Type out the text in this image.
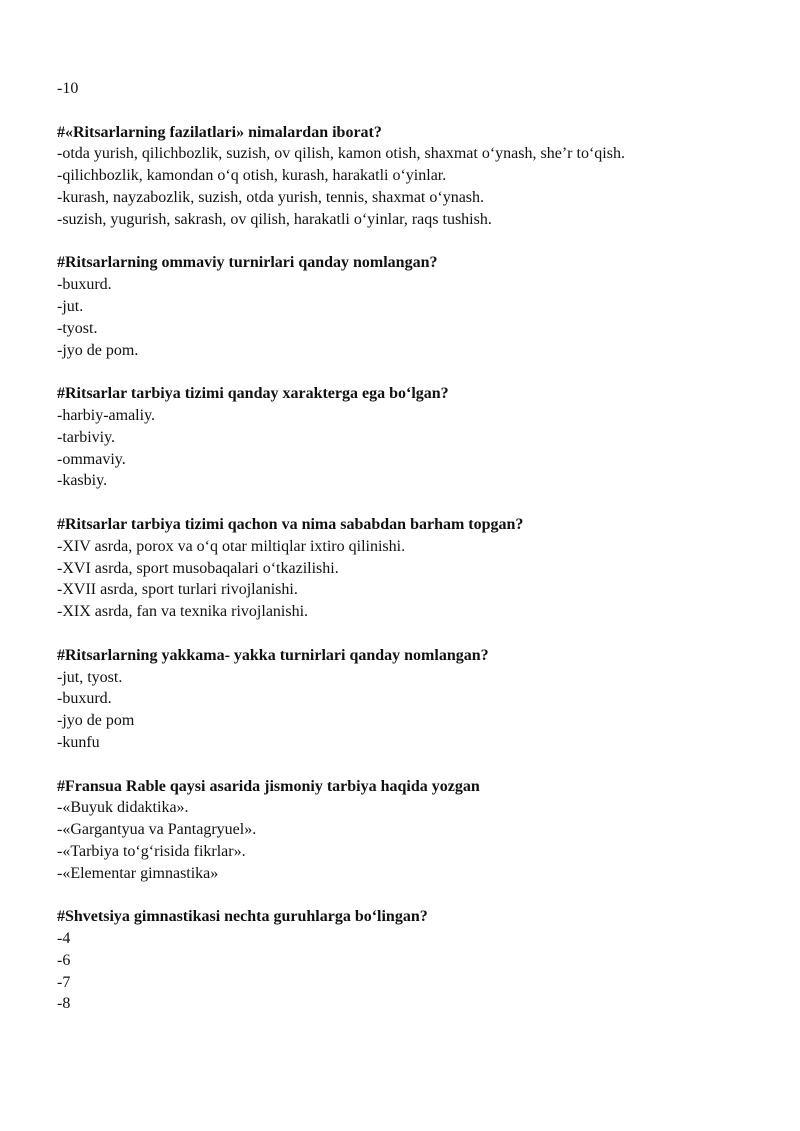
-10
#«Ritsarlarning fazilatlari» nimalardan iborat?
-otda yurish, qilichbozlik, suzish, ov qilish, kamon otish, shaxmat o‘ynash, she’r to‘qish.
-qilichbozlik, kamondan o‘q otish, kurash, harakatli o‘yinlar.
-kurash, nayzabozlik, suzish, otda yurish, tennis, shaxmat o‘ynash.
-suzish, yugurish, sakrash, ov qilish, harakatli o‘yinlar, raqs tushish.
#Ritsarlarning ommaviy turnirlari qanday nomlangan?
-buxurd.
-jut.
-tyost.
-jyo de pom.
#Ritsarlar tarbiya tizimi qanday xarakterga ega bo‘lgan?
-harbiy-amaliy.
-tarbiviy.
-ommaviy.
-kasbiy.
#Ritsarlar tarbiya tizimi qachon va nima sababdan barham topgan?
-XIV asrda, porox va o‘q otar miltiqlar ixtiro qilinishi.
-XVI asrda, sport musobaqalari o‘tkazilishi.
-XVII asrda, sport turlari rivojlanishi.
-XIX asrda, fan va texnika rivojlanishi.
#Ritsarlarning yakkama- yakka turnirlari qanday nomlangan?
-jut, tyost.
-buxurd.
-jyo de pom
-kunfu
#Fransua Rable qaysi asarida jismoniy tarbiya haqida yozgan
-«Buyuk didaktika».
-«Gargantyua va Pantagryuel».
-«Tarbiya to‘g‘risida fikrlar».
-«Elementar gimnastika»
#Shvetsiya gimnastikasi nechta guruhlarga bo‘lingan?
-4
-6
-7
-8
